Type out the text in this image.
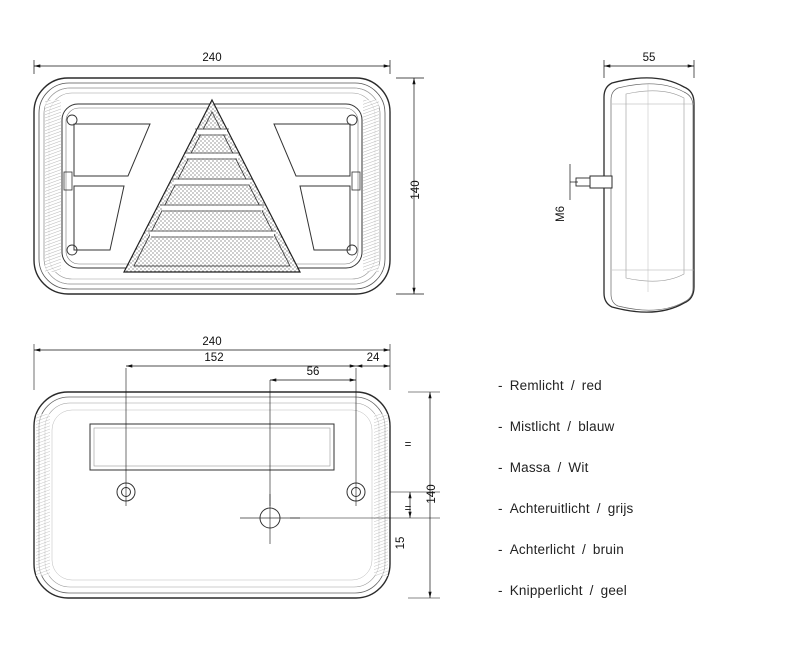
240
140
55
M6
240
152	24
56
140
15
=
=
- Remlicht / red
- Mistlicht / blauw
- Massa / Wit
- Achteruitlicht / grijs
- Achterlicht / bruin
- Knipperlicht / geel
